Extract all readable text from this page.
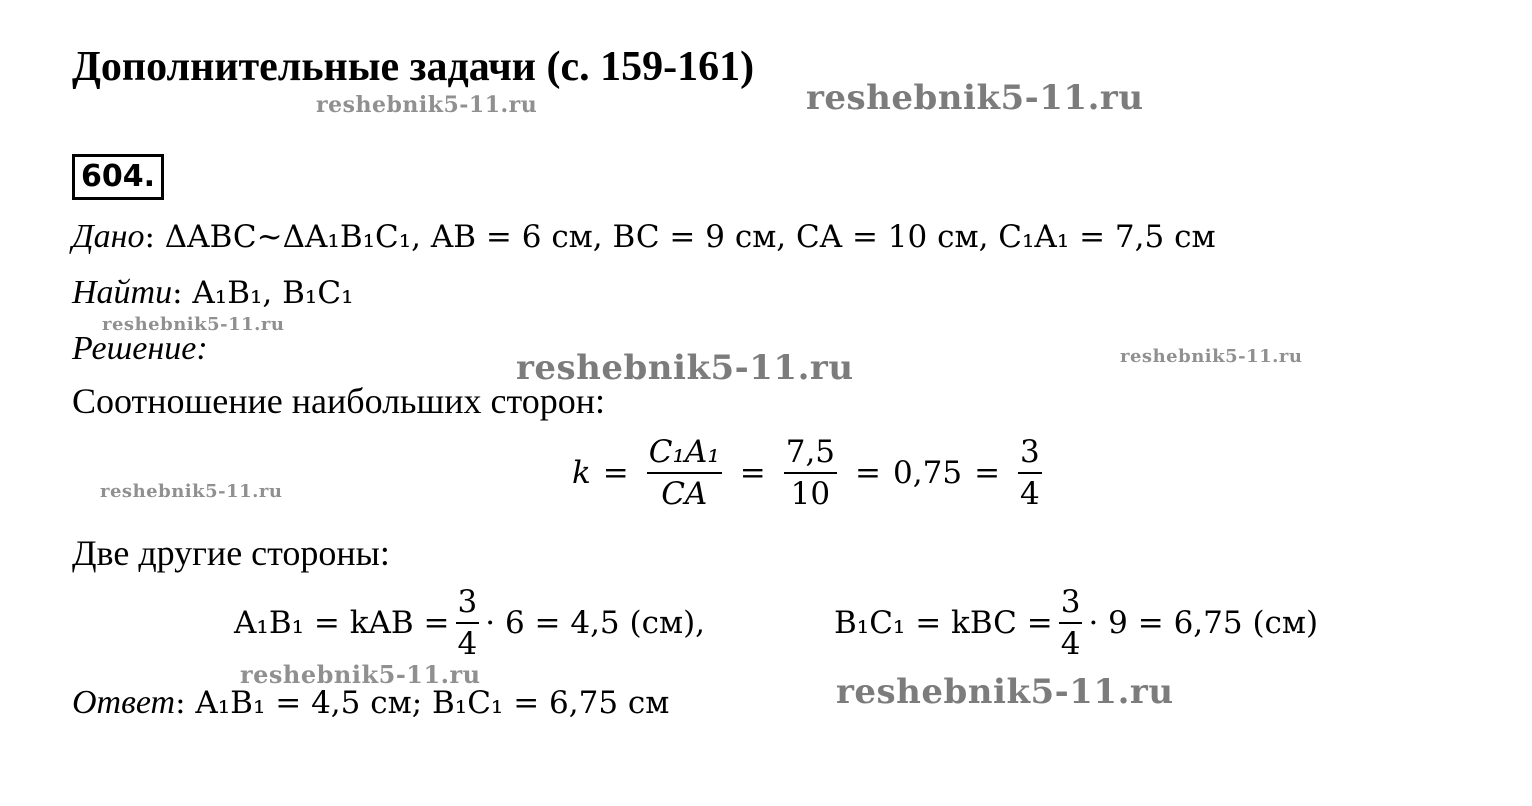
Дополнительные задачи (с. 159-161)
reshebnik5-11.ru	reshebnik5-11.ru
reshebnik5-11.ru
reshebnik5-11.ru	reshebnik5-11.ru
reshebnik5-11.ru
reshebnik5-11.ru	reshebnik5-11.ru
604.
Дано: ΔABC~ΔA₁B₁C₁, AB = 6 см, BC = 9 см, CA = 10 см, C₁A₁ = 7,5 см
Найти: A₁B₁, B₁C₁
Решение:
Соотношение наибольших сторон:
$k = \frac{\text{C₁A₁}}{CA} = \frac{7,5}{10} = 0,75 = \frac{3}{4}$
Две другие стороны:
A₁B₁ = kAB = $\frac{3}{4} \cdot 6 = 4,5$ (см),	B₁C₁ = kBC = $\frac{3}{4} \cdot 9 = 6,75$ (см)
Ответ: A₁B₁ = 4,5 см; B₁C₁ = 6,75 см
